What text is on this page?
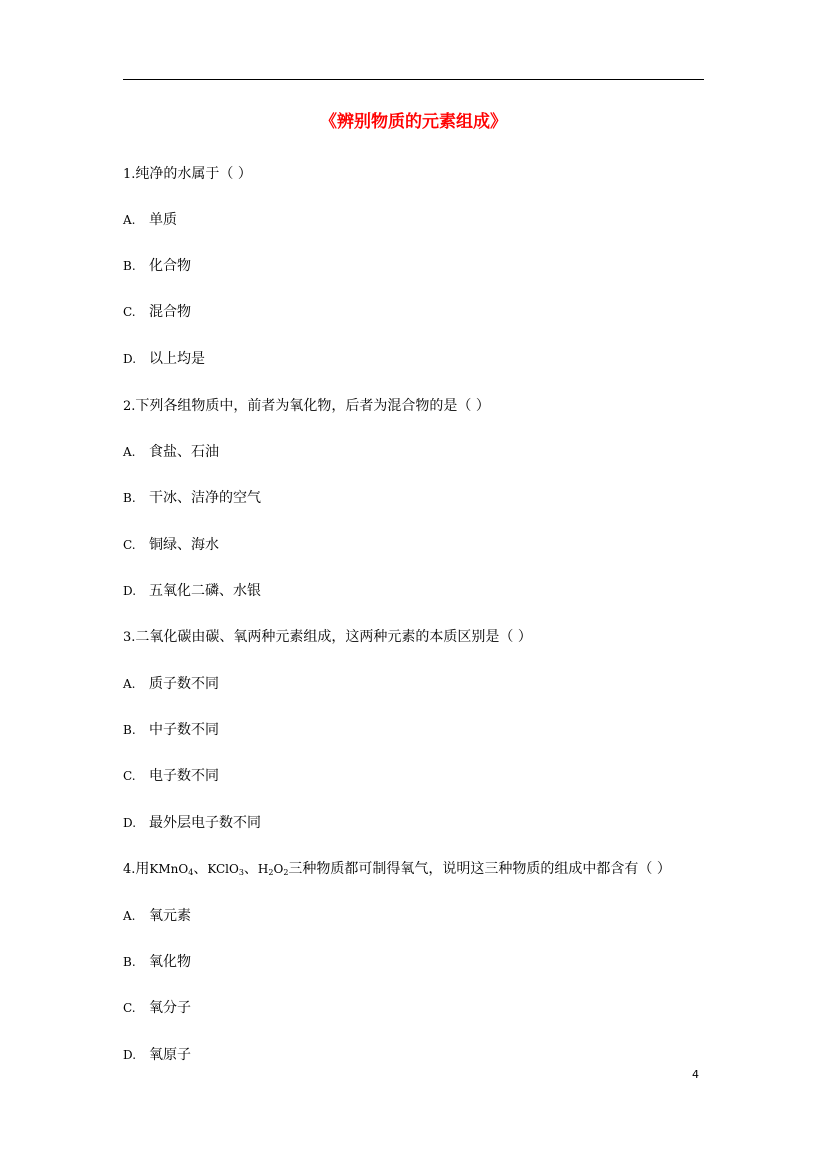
《辨别物质的元素组成》
1.纯净的水属于（ ）
A. 单质
B. 化合物
C. 混合物
D. 以上均是
2.下列各组物质中，前者为氧化物，后者为混合物的是（ ）
A. 食盐、石油
B. 干冰、洁净的空气
C. 铜绿、海水
D. 五氧化二磷、水银
3.二氧化碳由碳、氧两种元素组成，这两种元素的本质区别是（ ）
A. 质子数不同
B. 中子数不同
C. 电子数不同
D. 最外层电子数不同
4.用KMnO$_4$、KClO$_3$、$H_2O_2$三种物质都可制得氧气，说明这三种物质的组成中都含有（ ）
A. 氧元素
B. 氧化物
C. 氧分子
D. 氧原子
4
